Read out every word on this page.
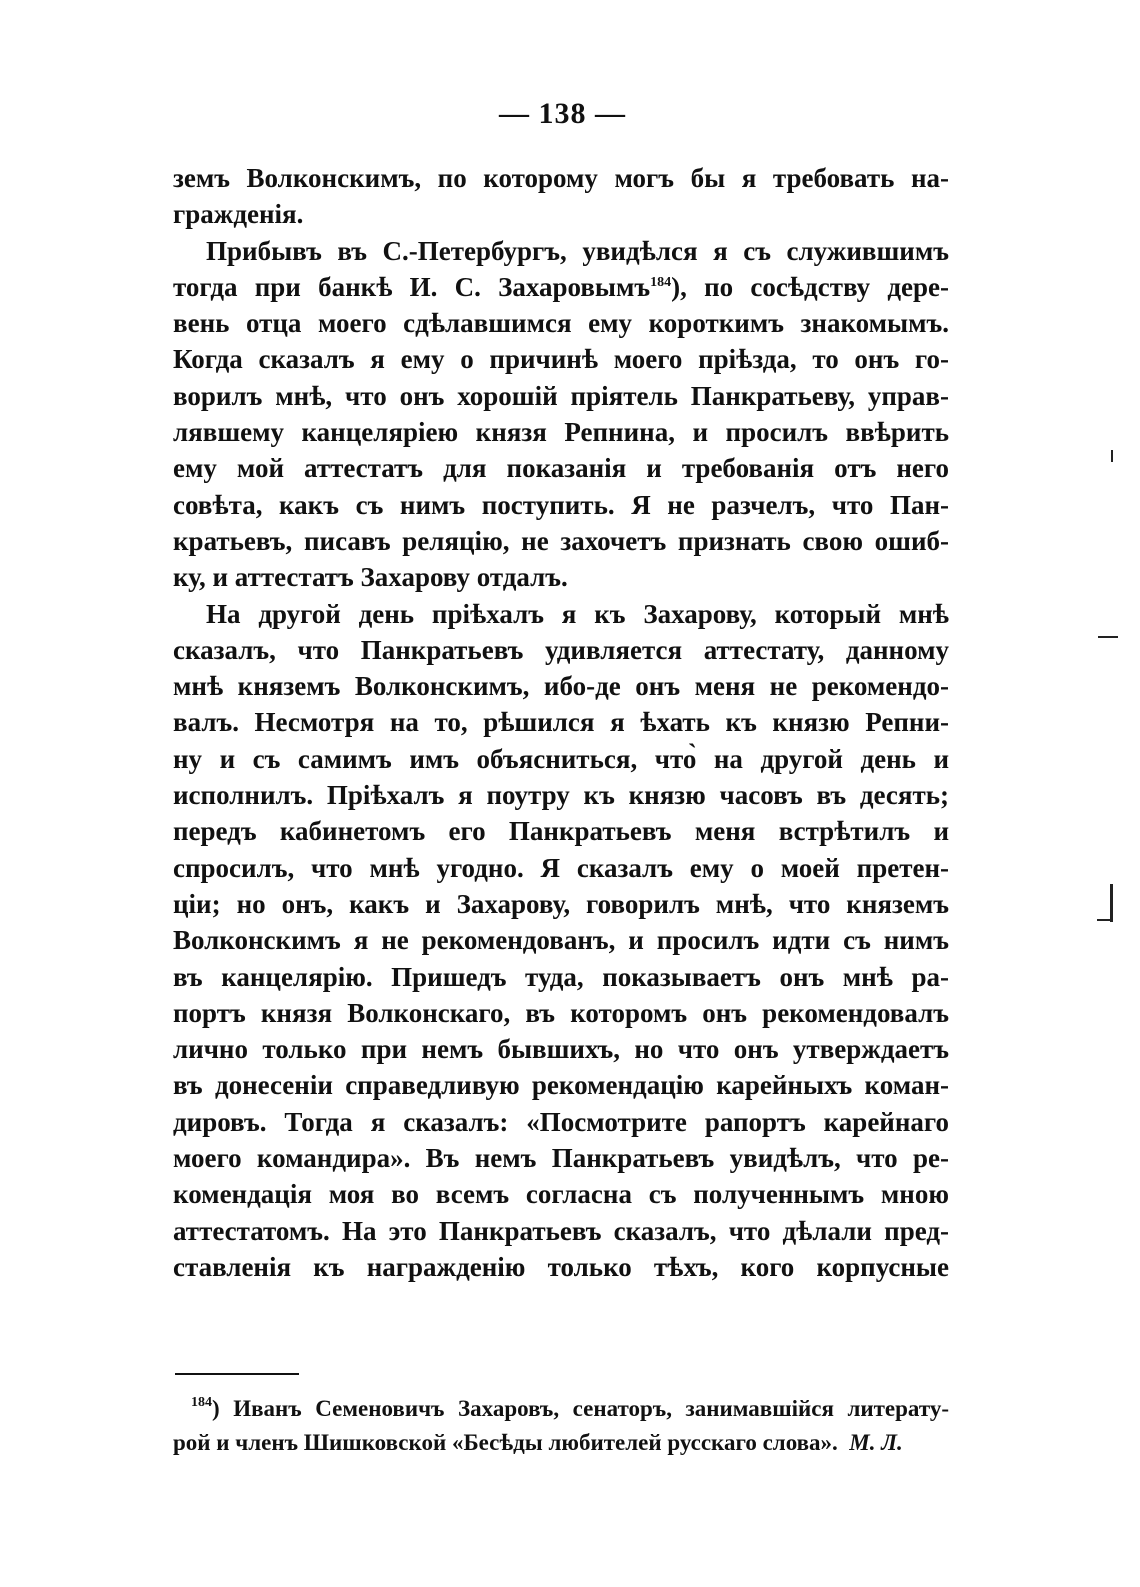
— 138 —
земъ Волконскимъ, по которому могъ бы я требовать на-
гражденія.
Прибывъ въ С.-Петербургъ, увидѣлся я съ служившимъ
тогда при банкѣ И. С. Захаровымъ$^{184}$), по сосѣдству дере-
вень отца моего сдѣлавшимся ему короткимъ знакомымъ.
Когда сказалъ я ему о причинѣ моего пріѣзда, то онъ го-
ворилъ мнѣ, что онъ хорошій пріятель Панкратьеву, управ-
лявшему канцеляріею князя Репнина, и просилъ ввѣрить
ему мой аттестатъ для показанія и требованія отъ него
совѣта, какъ съ нимъ поступить. Я не разчелъ, что Пан-
кратьевъ, писавъ реляцію, не захочетъ признать свою ошиб-
ку, и аттестатъ Захарову отдалъ.
На другой день пріѣхалъ я къ Захарову, который мнѣ
сказалъ, что Панкратьевъ удивляется аттестату, данному
мнѣ княземъ Волконскимъ, ибо-де онъ меня не рекомендо-
валъ. Несмотря на то, рѣшился я ѣхать къ князю Репни-
ну и съ самимъ имъ объясниться, что̀ на другой день и
исполнилъ. Пріѣхалъ я поутру къ князю часовъ въ десять;
передъ кабинетомъ его Панкратьевъ меня встрѣтилъ и
спросилъ, что мнѣ угодно. Я сказалъ ему о моей претен-
ціи; но онъ, какъ и Захарову, говорилъ мнѣ, что княземъ
Волконскимъ я не рекомендованъ, и просилъ идти съ нимъ
въ канцелярію. Пришедъ туда, показываетъ онъ мнѣ ра-
портъ князя Волконскаго, въ которомъ онъ рекомендовалъ
лично только при немъ бывшихъ, но что онъ утверждаетъ
въ донесеніи справедливую рекомендацію карейныхъ коман-
дировъ. Тогда я сказалъ: «Посмотрите рапортъ карейнаго
моего командира». Въ немъ Панкратьевъ увидѣлъ, что ре-
комендація моя во всемъ согласна съ полученнымъ мною
аттестатомъ. На это Панкратьевъ сказалъ, что дѣлали пред-
ставленія къ награжденію только тѣхъ, кого корпусные
$^{184}$) Иванъ Семеновичъ Захаровъ, сенаторъ, занимавшійся литерату-
рой и членъ Шишковской «Бесѣды любителей русскаго слова». М. Л.
